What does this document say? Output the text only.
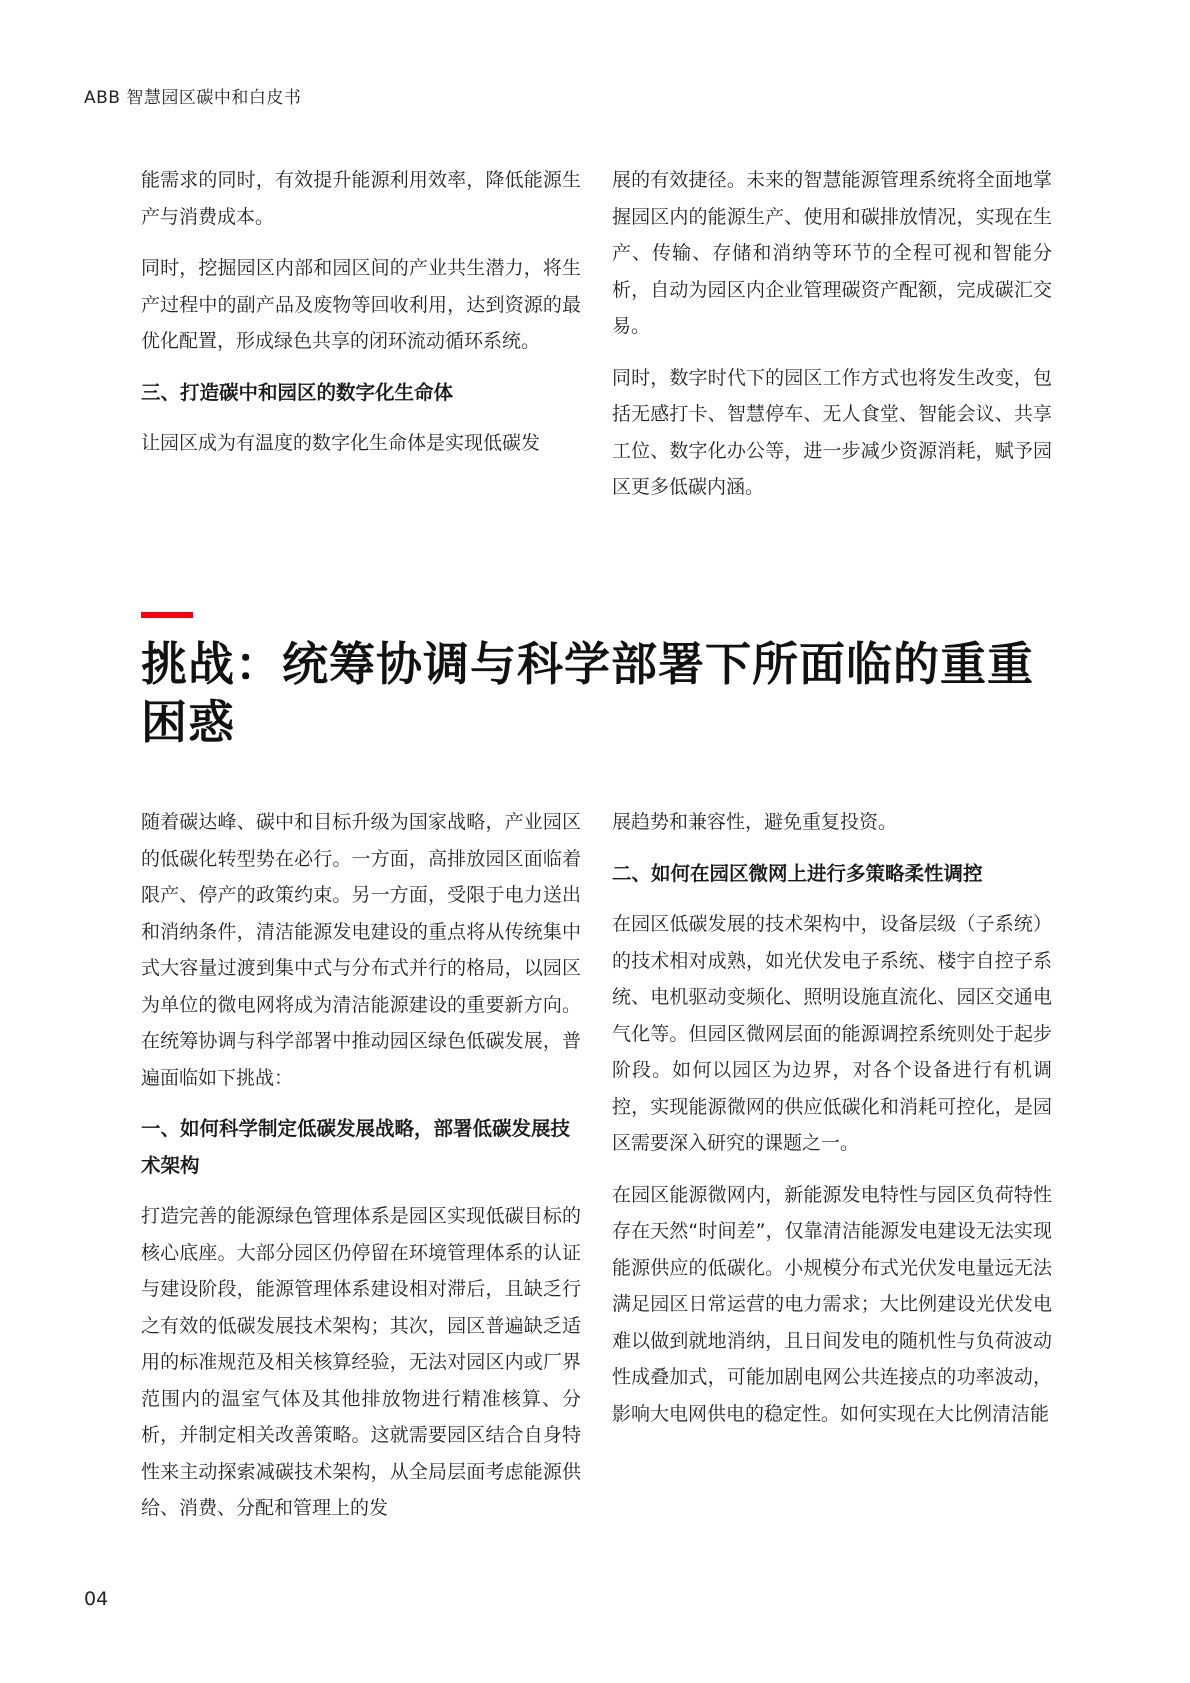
ABB 智慧园区碳中和白皮书

能需求的同时，有效提升能源利用效率，降低能源生产与消费成本。

同时，挖掘园区内部和园区间的产业共生潜力，将生产过程中的副产品及废物等回收利用，达到资源的最优化配置，形成绿色共享的闭环流动循环系统。

三、打造碳中和园区的数字化生命体

让园区成为有温度的数字化生命体是实现低碳发

展的有效捷径。未来的智慧能源管理系统将全面地掌握园区内的能源生产、使用和碳排放情况，实现在生产、传输、存储和消纳等环节的全程可视和智能分析，自动为园区内企业管理碳资产配额，完成碳汇交易。

同时，数字时代下的园区工作方式也将发生改变，包括无感打卡、智慧停车、无人食堂、智能会议、共享工位、数字化办公等，进一步减少资源消耗，赋予园区更多低碳内涵。

挑战：统筹协调与科学部署下所面临的重重困惑

随着碳达峰、碳中和目标升级为国家战略，产业园区的低碳化转型势在必行。一方面，高排放园区面临着限产、停产的政策约束。另一方面，受限于电力送出和消纳条件，清洁能源发电建设的重点将从传统集中式大容量过渡到集中式与分布式并行的格局，以园区为单位的微电网将成为清洁能源建设的重要新方向。在统筹协调与科学部署中推动园区绿色低碳发展，普遍面临如下挑战：

一、如何科学制定低碳发展战略，部署低碳发展技术架构

打造完善的能源绿色管理体系是园区实现低碳目标的核心底座。大部分园区仍停留在环境管理体系的认证与建设阶段，能源管理体系建设相对滞后，且缺乏行之有效的低碳发展技术架构；其次，园区普遍缺乏适用的标准规范及相关核算经验，无法对园区内或厂界范围内的温室气体及其他排放物进行精准核算、分析，并制定相关改善策略。这就需要园区结合自身特性来主动探索减碳技术架构，从全局层面考虑能源供给、消费、分配和管理上的发

展趋势和兼容性，避免重复投资。

二、如何在园区微网上进行多策略柔性调控

在园区低碳发展的技术架构中，设备层级（子系统）的技术相对成熟，如光伏发电子系统、楼宇自控子系统、电机驱动变频化、照明设施直流化、园区交通电气化等。但园区微网层面的能源调控系统则处于起步阶段。如何以园区为边界，对各个设备进行有机调控，实现能源微网的供应低碳化和消耗可控化，是园区需要深入研究的课题之一。

在园区能源微网内，新能源发电特性与园区负荷特性存在天然“时间差”，仅靠清洁能源发电建设无法实现能源供应的低碳化。小规模分布式光伏发电量远无法满足园区日常运营的电力需求；大比例建设光伏发电难以做到就地消纳，且日间发电的随机性与负荷波动性成叠加式，可能加剧电网公共连接点的功率波动，影响大电网供电的稳定性。如何实现在大比例清洁能

04
